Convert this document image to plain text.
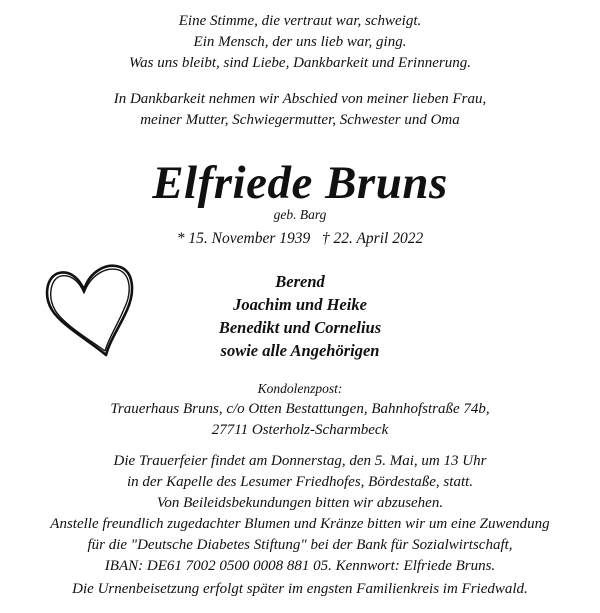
Eine Stimme, die vertraut war, schweigt.
Ein Mensch, der uns lieb war, ging.
Was uns bleibt, sind Liebe, Dankbarkeit und Erinnerung.
In Dankbarkeit nehmen wir Abschied von meiner lieben Frau,
meiner Mutter, Schwiegermutter, Schwester und Oma
Elfriede Bruns
geb. Barg
* 15. November 1939   † 22. April 2022
Berend
Joachim und Heike
Benedikt und Cornelius
sowie alle Angehörigen
Kondolenzpost:
Trauerhaus Bruns, c/o Otten Bestattungen, Bahnhofstraße 74b,
27711 Osterholz-Scharmbeck
Die Trauerfeier findet am Donnerstag, den 5. Mai, um 13 Uhr
in der Kapelle des Lesumer Friedhofes, Bördestaße, statt.
Von Beileidsbekundungen bitten wir abzusehen.
Anstelle freundlich zugedachter Blumen und Kränze bitten wir um eine Zuwendung
für die "Deutsche Diabetes Stiftung" bei der Bank für Sozialwirtschaft,
IBAN: DE61 7002 0500 0008 881 05. Kennwort: Elfriede Bruns.
Die Urnenbeisetzung erfolgt später im engsten Familienkreis im Friedwald.
